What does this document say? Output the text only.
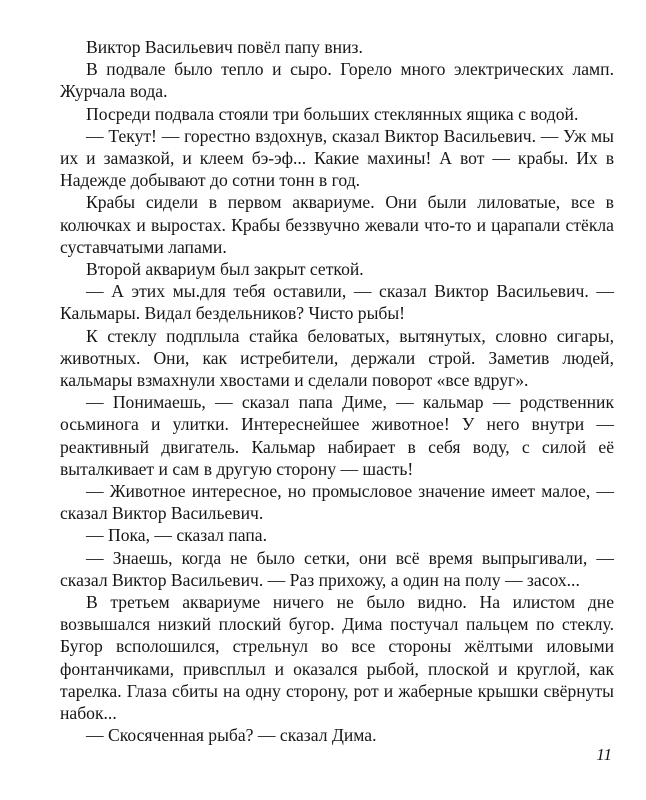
Виктор Васильевич повёл папу вниз.

В подвале было тепло и сыро. Горело много электрических ламп. Журчала вода.

Посреди подвала стояли три больших стеклянных ящика с водой.

— Текут! — горестно вздохнув, сказал Виктор Васильевич. — Уж мы их и замазкой, и клеем бэ-эф... Какие махины! А вот — крабы. Их в Надежде добывают до сотни тонн в год.

Крабы сидели в первом аквариуме. Они были лиловатые, все в колючках и выростах. Крабы беззвучно жевали что-то и царапали стёкла суставчатыми лапами.

Второй аквариум был закрыт сеткой.

— А этих мы.для тебя оставили, — сказал Виктор Васильевич. — Кальмары. Видал бездельников? Чисто рыбы!

К стеклу подплыла стайка беловатых, вытянутых, словно сигары, животных. Они, как истребители, держали строй. Заметив людей, кальмары взмахнули хвостами и сделали поворот «все вдруг».

— Понимаешь, — сказал папа Диме, — кальмар — родственник осьминога и улитки. Интереснейшее животное! У него внутри — реактивный двигатель. Кальмар набирает в себя воду, с силой её выталкивает и сам в другую сторону — шасть!

— Животное интересное, но промысловое значение имеет малое, — сказал Виктор Васильевич.

— Пока, — сказал папа.

— Знаешь, когда не было сетки, они всё время выпрыгивали, — сказал Виктор Васильевич. — Раз прихожу, а один на полу — засох...

В третьем аквариуме ничего не было видно. На илистом дне возвышался низкий плоский бугор. Дима постучал пальцем по стеклу. Бугор всполошился, стрельнул во все стороны жёлтыми иловыми фонтанчиками, привсплыл и оказался рыбой, плоской и круглой, как тарелка. Глаза сбиты на одну сторону, рот и жаберные крышки свёрнуты набок...

— Скосяченная рыба? — сказал Дима.

11
